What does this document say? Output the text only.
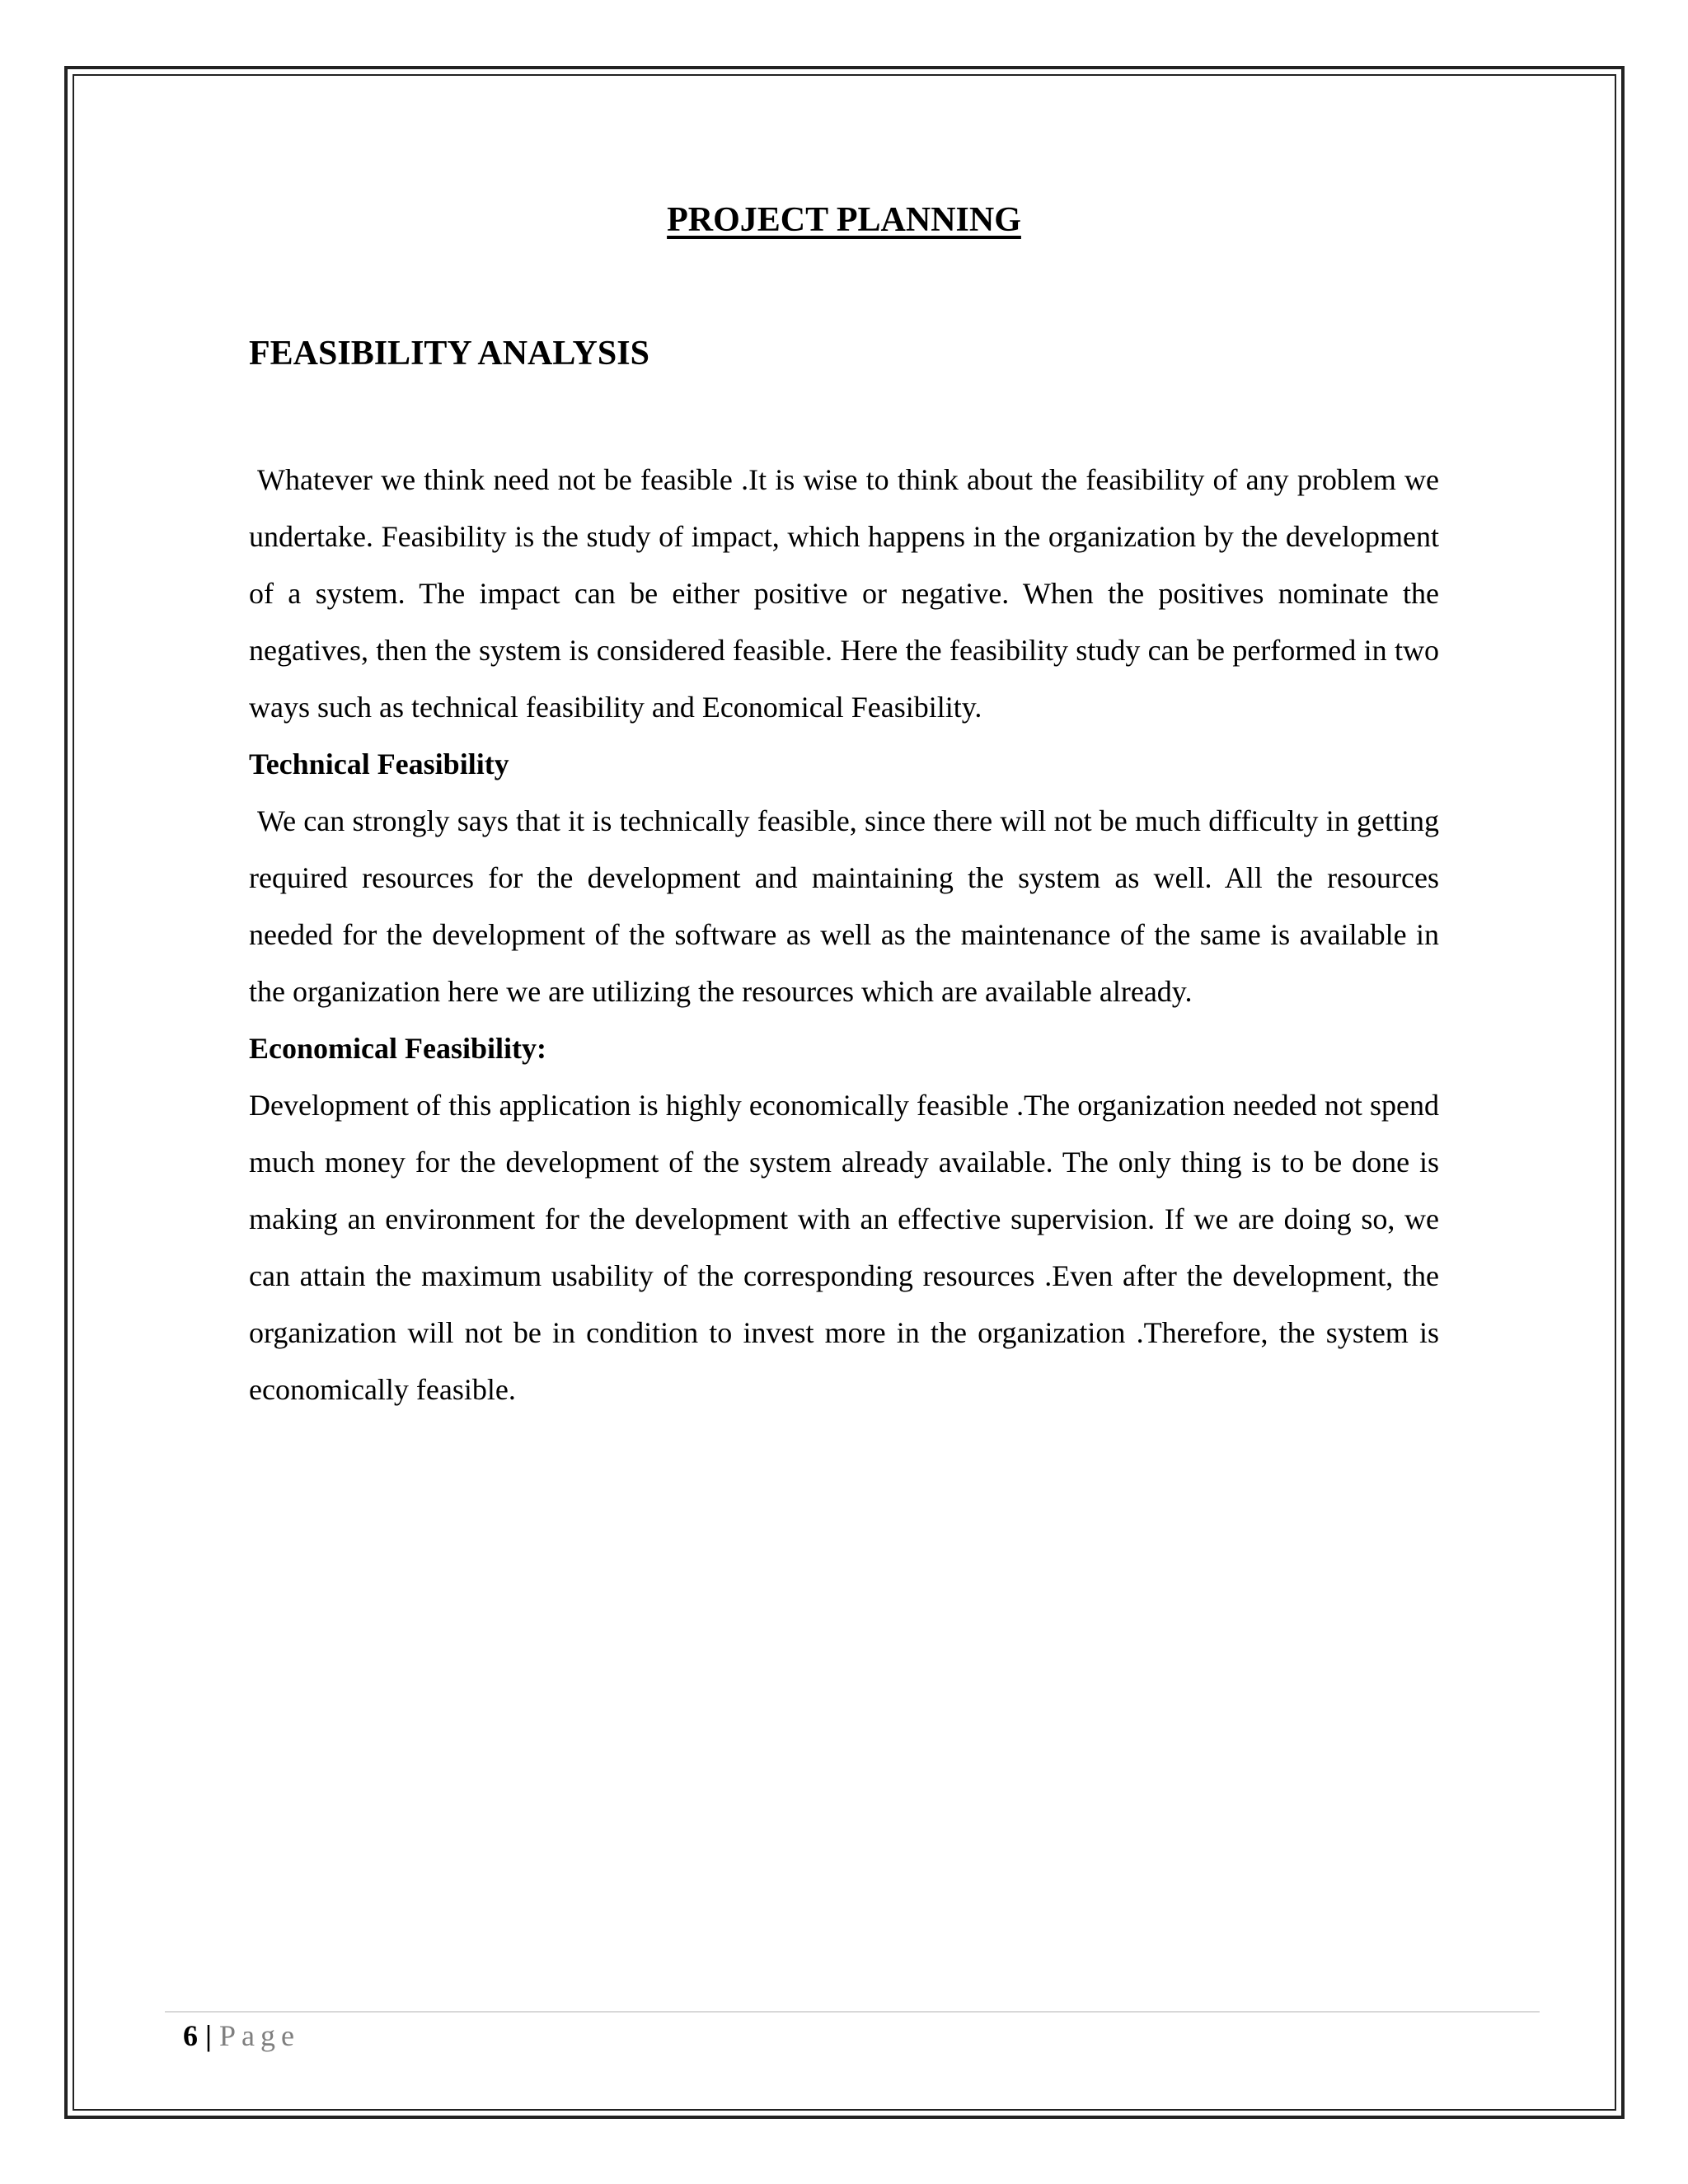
PROJECT PLANNING
FEASIBILITY ANALYSIS

Whatever we think need not be feasible .It is wise to think about the feasibility of any problem we undertake. Feasibility is the study of impact, which happens in the organization by the development of a system. The impact can be either positive or negative. When the positives nominate the negatives, then the system is considered feasible. Here the feasibility study can be performed in two ways such as technical feasibility and Economical Feasibility.

Technical Feasibility

We can strongly says that it is technically feasible, since there will not be much difficulty in getting required resources for the development and maintaining the system as well. All the resources needed for the development of the software as well as the maintenance of the same is available in the organization here we are utilizing the resources which are available already.

Economical Feasibility:

Development of this application is highly economically feasible .The organization needed not spend much money for the development of the system already available. The only thing is to be done is making an environment for the development with an effective supervision. If we are doing so, we can attain the maximum usability of the corresponding resources .Even after the development, the organization will not be in condition to invest more in the organization .Therefore, the system is economically feasible.

6 | Page
